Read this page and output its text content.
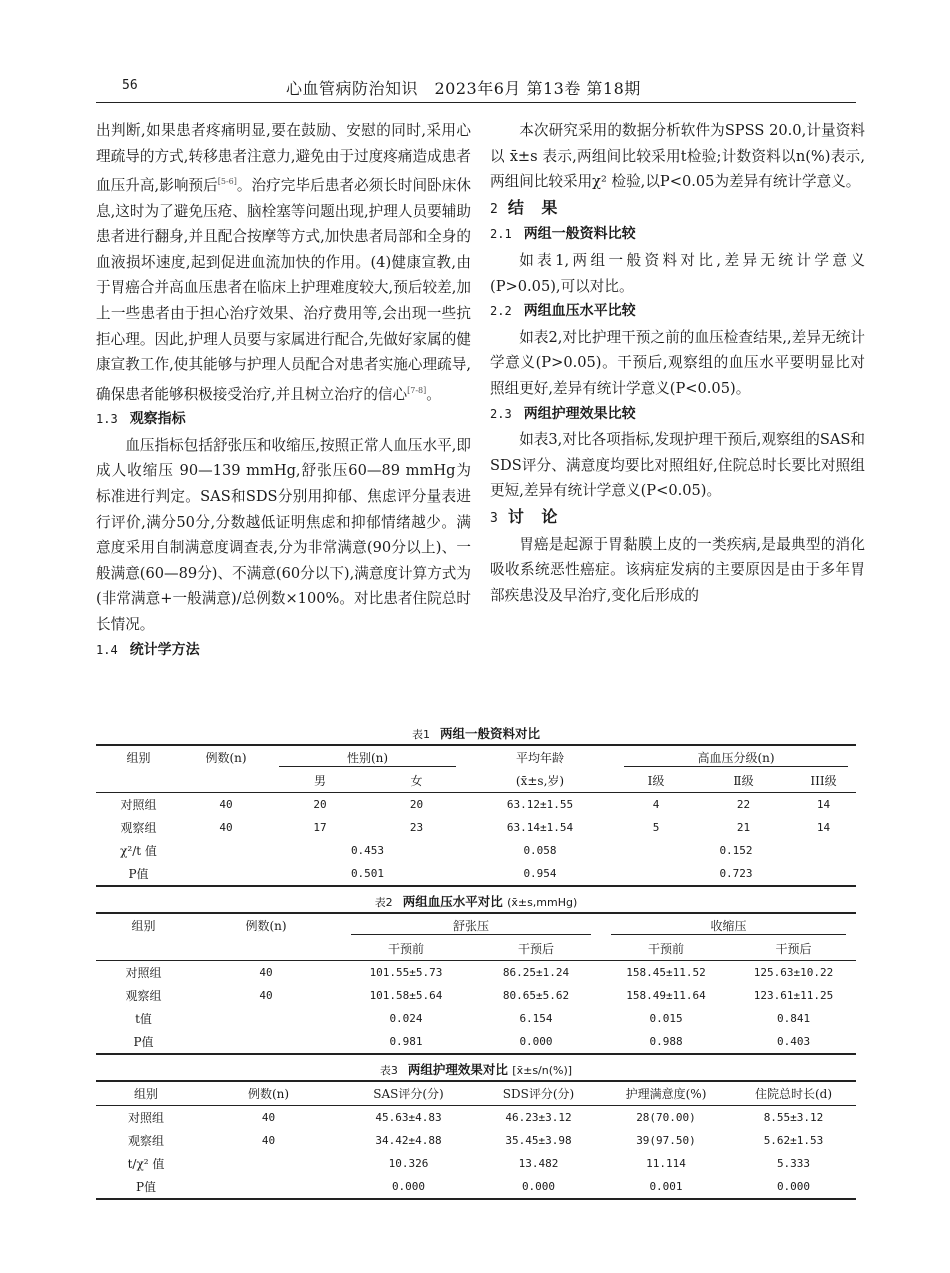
56	心血管病防治知识　2023年6月 第13卷 第18期

出判断,如果患者疼痛明显,要在鼓励、安慰的同时,采用心理疏导的方式,转移患者注意力,避免由于过度疼痛造成患者血压升高,影响预后[5-6]。治疗完毕后患者必须长时间卧床休息,这时为了避免压疮、脑栓塞等问题出现,护理人员要辅助患者进行翻身,并且配合按摩等方式,加快患者局部和全身的血液损坏速度,起到促进血流加快的作用。(4)健康宣教,由于胃癌合并高血压患者在临床上护理难度较大,预后较差,加上一些患者由于担心治疗效果、治疗费用等,会出现一些抗拒心理。因此,护理人员要与家属进行配合,先做好家属的健康宣教工作,使其能够与护理人员配合对患者实施心理疏导,确保患者能够积极接受治疗,并且树立治疗的信心[7-8]。

1.3 观察指标

血压指标包括舒张压和收缩压,按照正常人血压水平,即成人收缩压 90—139 mmHg,舒张压60—89 mmHg为标准进行判定。SAS和SDS分别用抑郁、焦虑评分量表进行评价,满分50分,分数越低证明焦虑和抑郁情绪越少。满意度采用自制满意度调查表,分为非常满意(90分以上)、一般满意(60—89分)、不满意(60分以下),满意度计算方式为(非常满意+一般满意)/总例数×100%。对比患者住院总时长情况。

1.4 统计学方法

本次研究采用的数据分析软件为SPSS 20.0,计量资料以 x̄±s 表示,两组间比较采用t检验;计数资料以n(%)表示,两组间比较采用χ² 检验,以P<0.05为差异有统计学意义。

2 结 果

2.1 两组一般资料比较

如表1,两组一般资料对比,差异无统计学意义(P>0.05),可以对比。

2.2 两组血压水平比较

如表2,对比护理干预之前的血压检查结果,,差异无统计学意义(P>0.05)。干预后,观察组的血压水平要明显比对照组更好,差异有统计学意义(P<0.05)。

2.3 两组护理效果比较

如表3,对比各项指标,发现护理干预后,观察组的SAS和SDS评分、满意度均要比对照组好,住院总时长要比对照组更短,差异有统计学意义(P<0.05)。

3 讨 论

胃癌是起源于胃黏膜上皮的一类疾病,是最典型的消化吸收系统恶性癌症。该病症发病的主要原因是由于多年胃部疾患没及早治疗,变化后形成的

表1 两组一般资料对比
组别	例数(n)	性别(n)		平均年龄	高血压分级(n)		

		男	女	(x̄±s,岁)	I级	Ⅱ级	III级
对照组	40	20	20	63.12±1.55	4	22	14
观察组	40	17	23	63.14±1.54	5	21	14
χ²/t 值		0.453		0.058	0.152		
P值		0.501		0.954	0.723		
表2 两组血压水平对比 (x̄±s,mmHg)
组别	例数(n)	舒张压		收缩压	

		干预前	干预后	干预前	干预后
对照组	40	101.55±5.73	86.25±1.24	158.45±11.52	125.63±10.22
观察组	40	101.58±5.64	80.65±5.62	158.49±11.64	123.61±11.25
t值		0.024	6.154	0.015	0.841
P值		0.981	0.000	0.988	0.403
表3 两组护理效果对比 [x̄±s/n(%)]
组别	例数(n)	SAS评分(分)	SDS评分(分)	护理满意度(%)	住院总时长(d)
对照组	40	45.63±4.83	46.23±3.12	28(70.00)	8.55±3.12
观察组	40	34.42±4.88	35.45±3.98	39(97.50)	5.62±1.53
t/χ² 值		10.326	13.482	11.114	5.333
P值		0.000	0.000	0.001	0.000
